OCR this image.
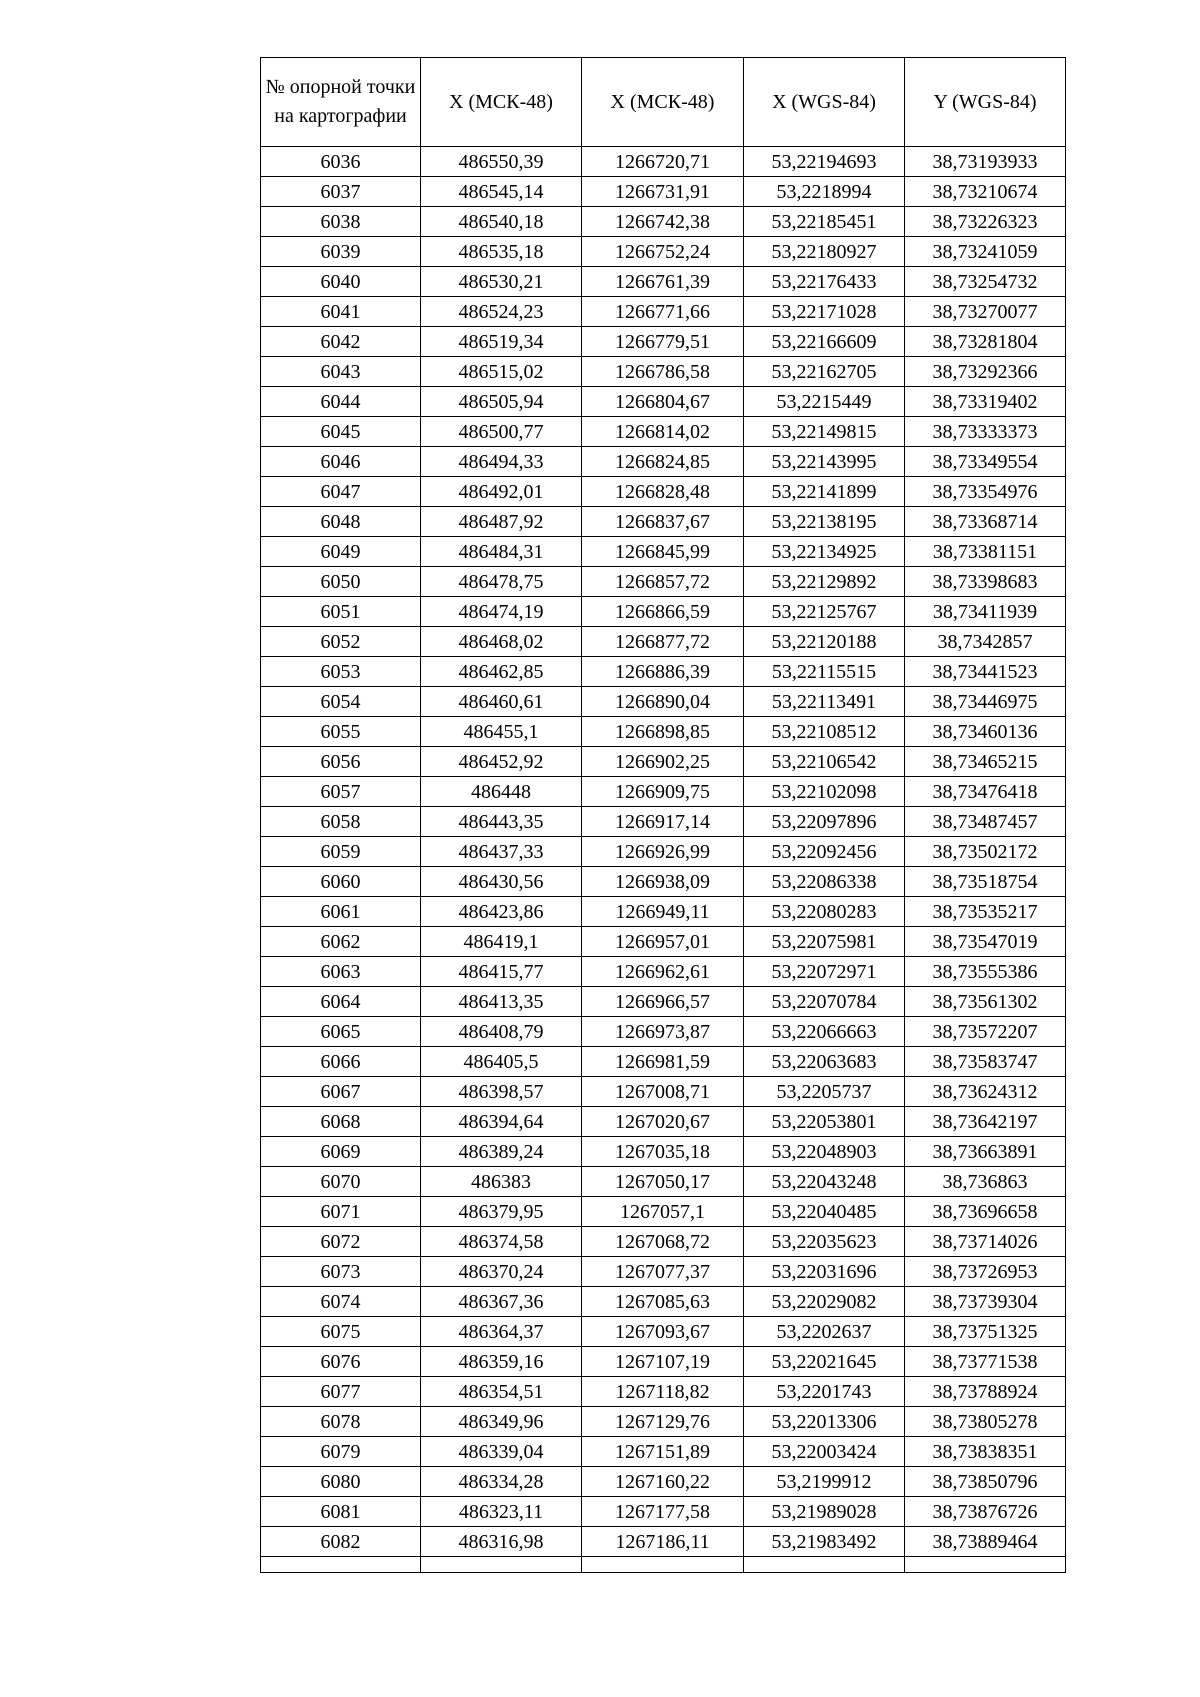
№ опорной точки на картографии	X (МСК-48)	X (МСК-48)	X (WGS-84)	Y (WGS-84)
6036	486550,39	1266720,71	53,22194693	38,73193933
6037	486545,14	1266731,91	53,2218994	38,73210674
6038	486540,18	1266742,38	53,22185451	38,73226323
6039	486535,18	1266752,24	53,22180927	38,73241059
6040	486530,21	1266761,39	53,22176433	38,73254732
6041	486524,23	1266771,66	53,22171028	38,73270077
6042	486519,34	1266779,51	53,22166609	38,73281804
6043	486515,02	1266786,58	53,22162705	38,73292366
6044	486505,94	1266804,67	53,2215449	38,73319402
6045	486500,77	1266814,02	53,22149815	38,73333373
6046	486494,33	1266824,85	53,22143995	38,73349554
6047	486492,01	1266828,48	53,22141899	38,73354976
6048	486487,92	1266837,67	53,22138195	38,73368714
6049	486484,31	1266845,99	53,22134925	38,73381151
6050	486478,75	1266857,72	53,22129892	38,73398683
6051	486474,19	1266866,59	53,22125767	38,73411939
6052	486468,02	1266877,72	53,22120188	38,7342857
6053	486462,85	1266886,39	53,22115515	38,73441523
6054	486460,61	1266890,04	53,22113491	38,73446975
6055	486455,1	1266898,85	53,22108512	38,73460136
6056	486452,92	1266902,25	53,22106542	38,73465215
6057	486448	1266909,75	53,22102098	38,73476418
6058	486443,35	1266917,14	53,22097896	38,73487457
6059	486437,33	1266926,99	53,22092456	38,73502172
6060	486430,56	1266938,09	53,22086338	38,73518754
6061	486423,86	1266949,11	53,22080283	38,73535217
6062	486419,1	1266957,01	53,22075981	38,73547019
6063	486415,77	1266962,61	53,22072971	38,73555386
6064	486413,35	1266966,57	53,22070784	38,73561302
6065	486408,79	1266973,87	53,22066663	38,73572207
6066	486405,5	1266981,59	53,22063683	38,73583747
6067	486398,57	1267008,71	53,2205737	38,73624312
6068	486394,64	1267020,67	53,22053801	38,73642197
6069	486389,24	1267035,18	53,22048903	38,73663891
6070	486383	1267050,17	53,22043248	38,736863
6071	486379,95	1267057,1	53,22040485	38,73696658
6072	486374,58	1267068,72	53,22035623	38,73714026
6073	486370,24	1267077,37	53,22031696	38,73726953
6074	486367,36	1267085,63	53,22029082	38,73739304
6075	486364,37	1267093,67	53,2202637	38,73751325
6076	486359,16	1267107,19	53,22021645	38,73771538
6077	486354,51	1267118,82	53,2201743	38,73788924
6078	486349,96	1267129,76	53,22013306	38,73805278
6079	486339,04	1267151,89	53,22003424	38,73838351
6080	486334,28	1267160,22	53,2199912	38,73850796
6081	486323,11	1267177,58	53,21989028	38,73876726
6082	486316,98	1267186,11	53,21983492	38,73889464
